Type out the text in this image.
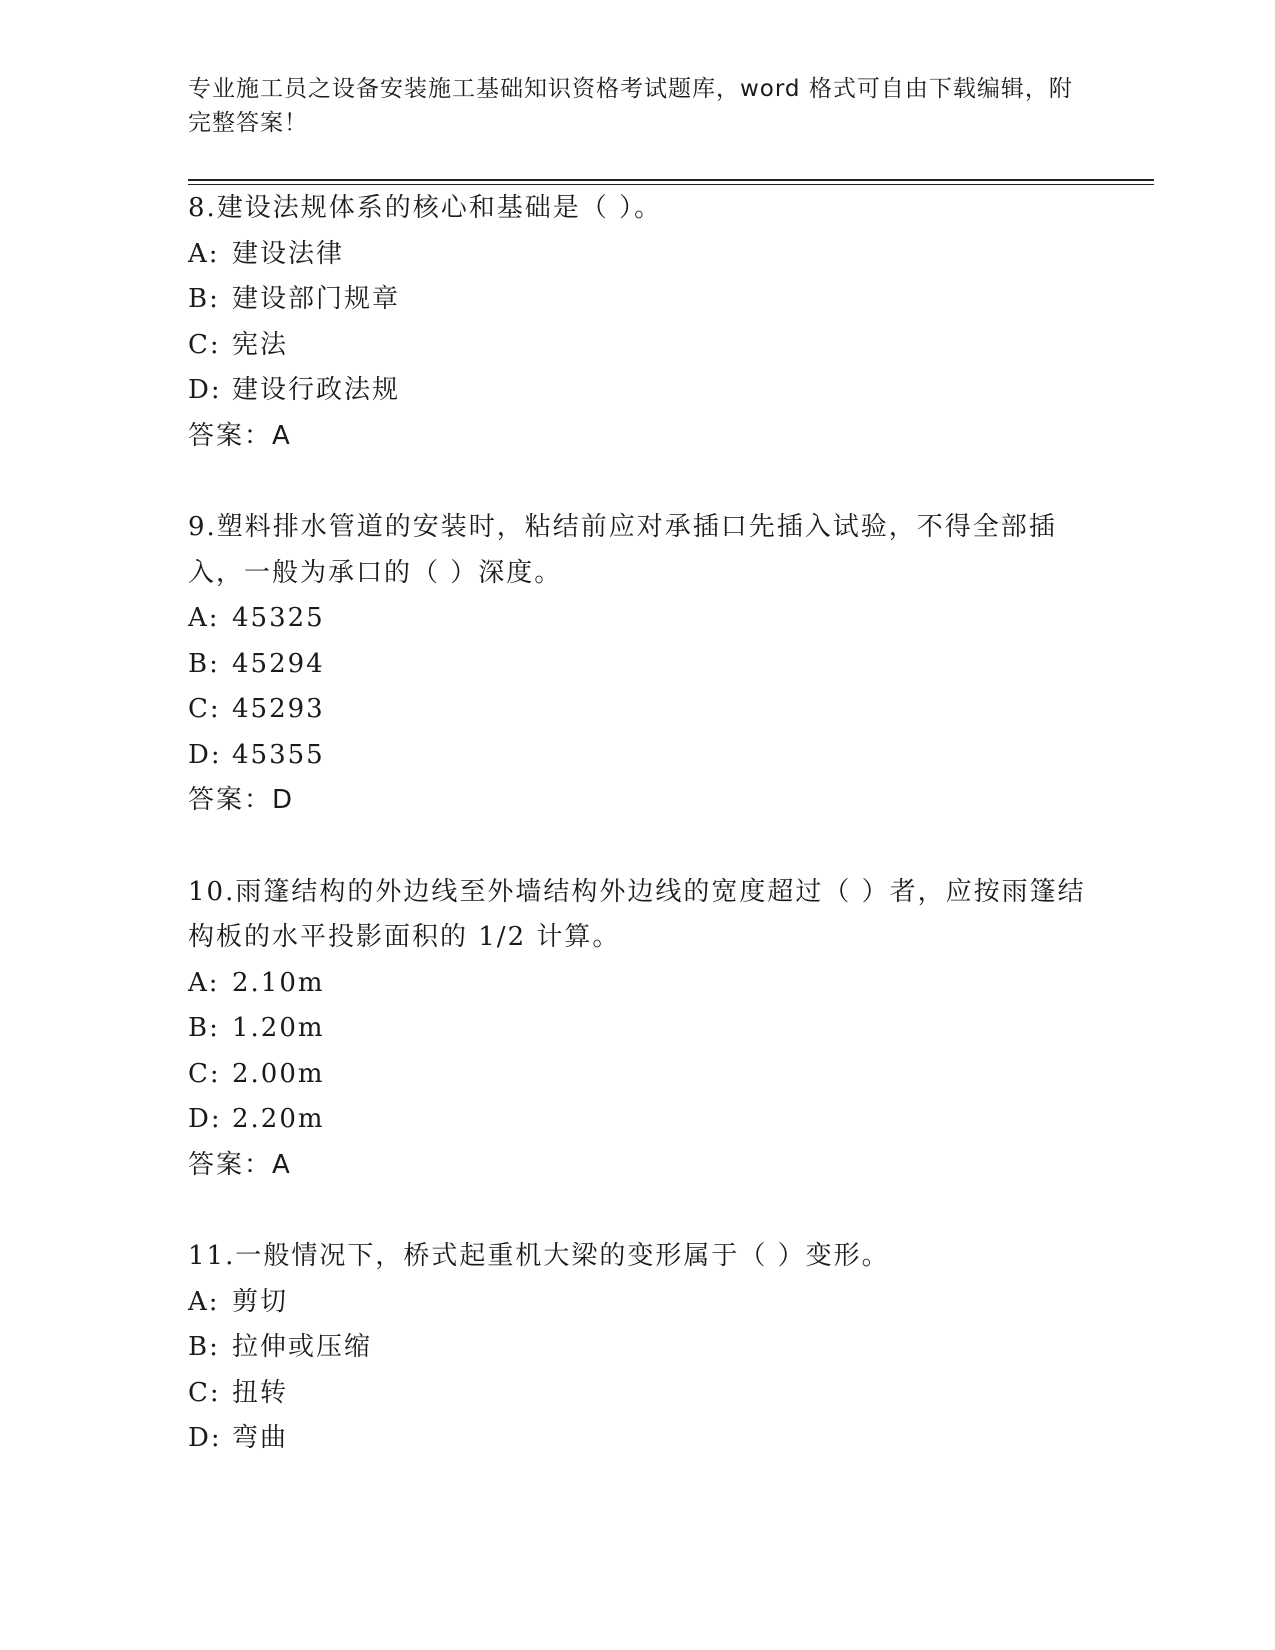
专业施工员之设备安装施工基础知识资格考试题库，word 格式可自由下载编辑，附完整答案！

8.建设法规体系的核心和基础是（ ）。

A: 建设法律

B: 建设部门规章

C: 宪法

D: 建设行政法规

答案：A

9.塑料排水管道的安装时，粘结前应对承插口先插入试验，不得全部插入，一般为承口的（ ）深度。

A: 45325

B: 45294

C: 45293

D: 45355

答案：D

10.雨篷结构的外边线至外墙结构外边线的宽度超过（ ）者，应按雨篷结构板的水平投影面积的 1/2 计算。

A: 2.10m

B: 1.20m

C: 2.00m

D: 2.20m

答案：A

11.一般情况下，桥式起重机大梁的变形属于（ ）变形。

A: 剪切

B: 拉伸或压缩

C: 扭转

D: 弯曲
